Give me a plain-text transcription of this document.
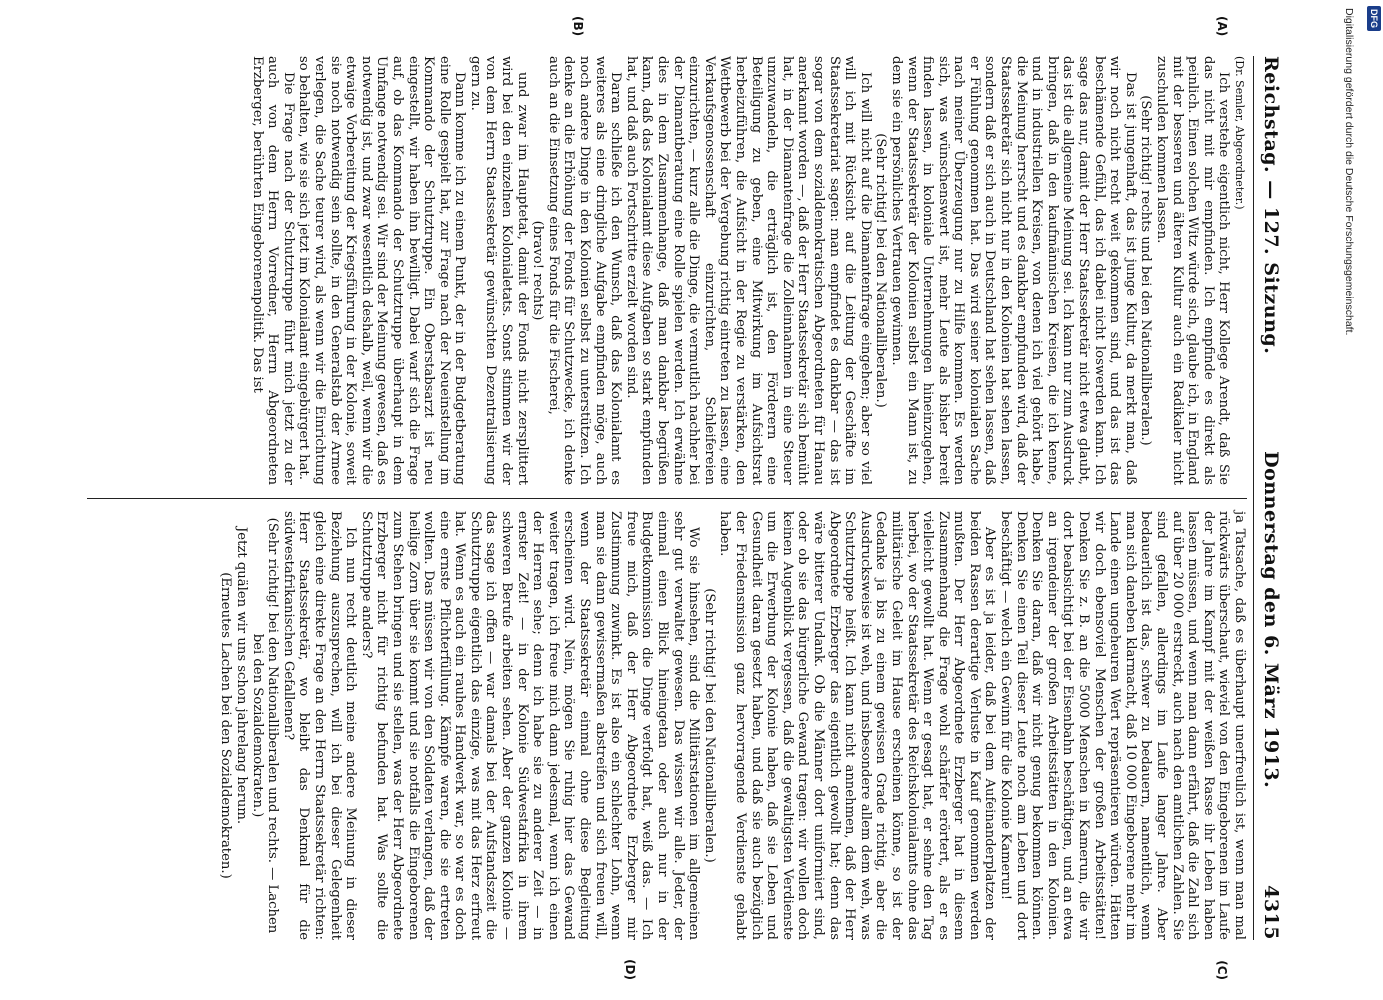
Reichstag. — 127. Sitzung.
Donnerstag den 6. März 1913.
4315
(A)
(B)

(Dr. Semler, Abgeordneter.)

Ich verstehe eigentlich nicht, Herr Kollege Arendt, daß Sie das nicht mit mir empfinden. Ich empfinde es direkt als peinlich. Einen solchen Witz würde sich, glaube ich, in England mit der besseren und älteren Kultur auch ein Radikaler nicht zuschulden kommen lassen.

(Sehr richtig! rechts und bei den Nationalliberalen.)

Das ist jungenhaft, das ist junge Kultur, da merkt man, daß wir noch nicht recht weit gekommen sind, und das ist das beschämende Gefühl, das ich dabei nicht loswerden kann. Ich sage das nur, damit der Herr Staatssekretär nicht etwa glaubt, das ist die allgemeine Meinung sei. Ich kann nur zum Ausdruck bringen, daß in den kaufmännischen Kreisen, die ich kenne, und in industriellen Kreisen, von denen ich viel gehört habe, die Meinung herrscht und es dankbar empfunden wird, daß der Staatssekretär sich nicht nur in den Kolonien hat sehen lassen, sondern daß er sich auch in Deutschland hat sehen lassen, daß er Fühlung genommen hat. Das wird seiner kolonialen Sache nach meiner Überzeugung nur zu Hilfe kommen. Es werden sich, was wünschenswert ist, mehr Leute als bisher bereit finden lassen, in koloniale Unternehmungen hineinzugehen, wenn der Staatssekretär der Kolonien selbst ein Mann ist, zu dem sie ein persönliches Vertrauen gewinnen.

(Sehr richtig! bei den Nationalliberalen.)

Ich will nicht auf die Diamantenfrage eingehen; aber so viel will ich mit Rücksicht auf die Leitung der Geschäfte im Staatssekretariat sagen: man empfindet es dankbar — das ist sogar von dem sozialdemokratischen Abgeordneten für Hanau anerkannt worden —, daß der Herr Staatssekretär sich bemüht hat, in der Diamantenfrage die Zolleinnahmen in eine Steuer umzuwandeln, die erträglich ist, den Förderern eine Beteiligung zu geben, eine Mitwirkung im Aufsichtsrat herbeizuführen, die Aufsicht in der Regie zu verstärken, den Wettbewerb bei der Vergebung richtig eintreten zu lassen, eine Verkaufsgenossenschaft einzurichten, Schleifereien einzurichten, — kurz alle die Dinge, die vermutlich nachher bei der Diamantberatung eine Rolle spielen werden. Ich erwähne dies in dem Zusammenhange, daß man dankbar begrüßen kann, daß das Kolonialamt diese Aufgaben so stark empfunden hat, und daß auch Fortschritte erzielt worden sind.

Daran schließe ich den Wunsch, daß das Kolonialamt es weiteres als eine dringliche Aufgabe empfinden möge, auch noch andere Dinge in den Kolonien selbst zu unterstützen. Ich denke an die Erhöhung der Fonds für Schutzwecke, ich denke auch an die Einsetzung eines Fonds für die Fischerei,

(bravo! rechts)

und zwar im Hauptetat, damit der Fonds nicht zersplittert wird bei den einzelnen Kolonialetats. Sonst stimmen wir der von dem Herrn Staatssekretär gewünschten Dezentralisierung gern zu.

Dann komme ich zu einem Punkt, der in der Budgetberatung eine Rolle gespielt hat, zur Frage nach der Neueinstellung im Kommando der Schutztruppe. Ein Oberstabsarzt ist neu eingestellt, wir haben ihn bewilligt. Dabei warf sich die Frage auf, ob das Kommando der Schutztruppe überhaupt in dem Umfange notwendig sei. Wir sind der Meinung gewesen, daß es notwendig ist, und zwar wesentlich deshalb, weil, wenn wir die etwaige Vorbereitung der Kriegsführung in der Kolonie, soweit sie noch notwendig sein sollte, in den Generalstab der Armee verlegen, die Sache teurer wird, als wenn wir die Einrichtung so behalten, wie sie sich jetzt im Kolonialamt eingebürgert hat.

Die Frage nach der Schutztruppe führt mich jetzt zu der auch von dem Herrn Vorredner, Herrn Abgeordneten Erzberger, berührten Eingeborenenpolitik. Das ist

(C)
(D)

ja Tatsache, daß es überhaupt unerfreulich ist, wenn man mal rückwärts überschaut, wieviel von den Eingeborenen im Laufe der Jahre im Kampf mit der weißen Rasse ihr Leben haben lassen müssen, und wenn man dann erfährt, daß die Zahl sich auf über 20 000 erstreckt, auch nach den amtlichen Zahlen. Sie sind gefallen, allerdings im Laufe langer Jahre. Aber bedauerlich ist das, schwer zu bedauern, namentlich, wenn man sich daneben klarmacht, daß 10 000 Eingeborene mehr im Lande einen ungeheuren Wert repräsentieren würden. Hätten wir doch ebensoviel Menschen der großen Arbeitsstätten! Denken Sie z. B. an die 5000 Menschen in Kamerun, die wir dort beabsichtigt bei der Eisenbahn beschäftigen, und an etwa an irgendeiner der großen Arbeitsstätten in den Kolonien. Denken Sie daran, daß wir nicht genug bekommen können. Denken Sie einen Teil dieser Leute noch am Leben und dort beschäftigt — welch ein Gewinn für die Kolonie Kamerun!

Aber es ist ja leider, daß bei dem Aufeinanderplatzen der beiden Rassen derartige Verluste in Kauf genommen werden mußten. Der Herr Abgeordnete Erzberger hat in diesem Zusammenhang die Frage wohl schärfer erörtert, als er es vielleicht gewollt hat. Wenn er gesagt hat, er sehne den Tag herbei, wo der Staatssekretär des Reichskolonialamts ohne das militärische Geleit im Hause erscheinen könne, so ist der Gedanke ja bis zu einem gewissen Grade richtig, aber die Ausdrucksweise ist weh, und insbesondere allem dem weh, was Schutztruppe heißt. Ich kann nicht annehmen, daß der Herr Abgeordnete Erzberger das eigentlich gewollt hat; denn das wäre bitterer Undank. Ob die Männer dort uniformiert sind, oder ob sie das bürgerliche Gewand tragen: wir wollen doch keinen Augenblick vergessen, daß die gewaltigsten Verdienste um die Erwerbung der Kolonie haben, daß sie Leben und Gesundheit daran gesetzt haben, und daß sie auch bezüglich der Friedensmission ganz hervorragende Verdienste gehabt haben.

(Sehr richtig! bei den Nationalliberalen.)

Wo sie hinsehen, sind die Militärstationen im allgemeinen sehr gut verwaltet gewesen. Das wissen wir alle. Jeder, der einmal einen Blick hineingetan oder auch nur in der Budgetkommission die Dinge verfolgt hat, weiß das. — Ich freue mich, daß der Herr Abgeordnete Erzberger mir Zustimmung zuwinkt. Es ist also ein schlechter Lohn, wenn man sie dann gewissermaßen abstreifen und sich freuen will, wenn der Staatssekretär einmal ohne diese Begleitung erscheinen wird. Nein, mögen Sie ruhig hier das Gewand weiter tragen, ich freue mich dann jedesmal, wenn ich einen der Herren sehe; denn ich habe sie zu anderer Zeit — in ernster Zeit! — in der Kolonie Südwestafrika in ihrem schweren Berufe arbeiten sehen. Aber der ganzen Kolonie — das sage ich offen — war damals bei der Aufstandszeit die Schutztruppe eigentlich das einzige, was mit das Herz erfreut hat. Wenn es auch ein rauhes Handwerk war, so war es doch eine ernste Pflichterfüllung. Kämpfe waren, die sie ertreten wollten. Das müssen wir von den Soldaten verlangen, daß der heilige Zorn über sie kommt und sie notfalls die Eingeborenen zum Stehen bringen und sie stellen, was der Herr Abgeordnete Erzberger nicht für richtig befunden hat. Was sollte die Schutztruppe anders?

Ich nun recht deutlich meine andere Meinung in dieser Beziehung auszusprechen, will ich bei dieser Gelegenheit gleich eine direkte Frage an den Herrn Staatssekretär richten: Herr Staatssekretär, wo bleibt das Denkmal für die südwestafrikanischen Gefallenen?

(Sehr richtig! bei den Nationalliberalen und rechts. — Lachen bei den Sozialdemokraten.)

Jetzt quälen wir uns schon jahrelang herum.

(Erneutes Lachen bei den Sozialdemokraten.)

DFG
Digitalisierung gefördert durch die Deutsche Forschungsgemeinschaft.
